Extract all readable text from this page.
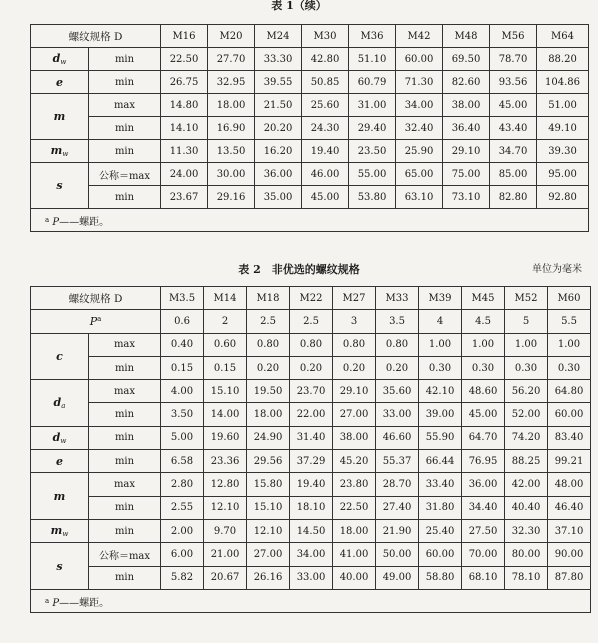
表 1（续）
螺纹规格 D		M16	M20	M24	M30	M36	M42	M48	M56	M64
$d_w$	min	22.50	27.70	33.30	42.80	51.10	60.00	69.50	78.70	88.20
e	min	26.75	32.95	39.55	50.85	60.79	71.30	82.60	93.56	104.86
m	max	14.80	18.00	21.50	25.60	31.00	34.00	38.00	45.00	51.00
	min	14.10	16.90	20.20	24.30	29.40	32.40	36.40	43.40	49.10
$m_w$	min	11.30	13.50	16.20	19.40	23.50	25.90	29.10	34.70	39.30
s	公称＝max	24.00	30.00	36.00	46.00	55.00	65.00	75.00	85.00	95.00
	min	23.67	29.16	35.00	45.00	53.80	63.10	73.10	82.80	92.80
$^a$ P——螺距。										
表 2　非优选的螺纹规格	单位为毫米
螺纹规格 D		M3.5	M14	M18	M22	M27	M33	M39	M45	M52	M60
$P^a$		0.6	2	2.5	2.5	3	3.5	4	4.5	5	5.5
c	max	0.40	0.60	0.80	0.80	0.80	0.80	1.00	1.00	1.00	1.00
	min	0.15	0.15	0.20	0.20	0.20	0.20	0.30	0.30	0.30	0.30
$d_a$	max	4.00	15.10	19.50	23.70	29.10	35.60	42.10	48.60	56.20	64.80
	min	3.50	14.00	18.00	22.00	27.00	33.00	39.00	45.00	52.00	60.00
$d_w$	min	5.00	19.60	24.90	31.40	38.00	46.60	55.90	64.70	74.20	83.40
e	min	6.58	23.36	29.56	37.29	45.20	55.37	66.44	76.95	88.25	99.21
m	max	2.80	12.80	15.80	19.40	23.80	28.70	33.40	36.00	42.00	48.00
	min	2.55	12.10	15.10	18.10	22.50	27.40	31.80	34.40	40.40	46.40
$m_w$	min	2.00	9.70	12.10	14.50	18.00	21.90	25.40	27.50	32.30	37.10
s	公称＝max	6.00	21.00	27.00	34.00	41.00	50.00	60.00	70.00	80.00	90.00
	min	5.82	20.67	26.16	33.00	40.00	49.00	58.80	68.10	78.10	87.80
$^a$ P——螺距。											
